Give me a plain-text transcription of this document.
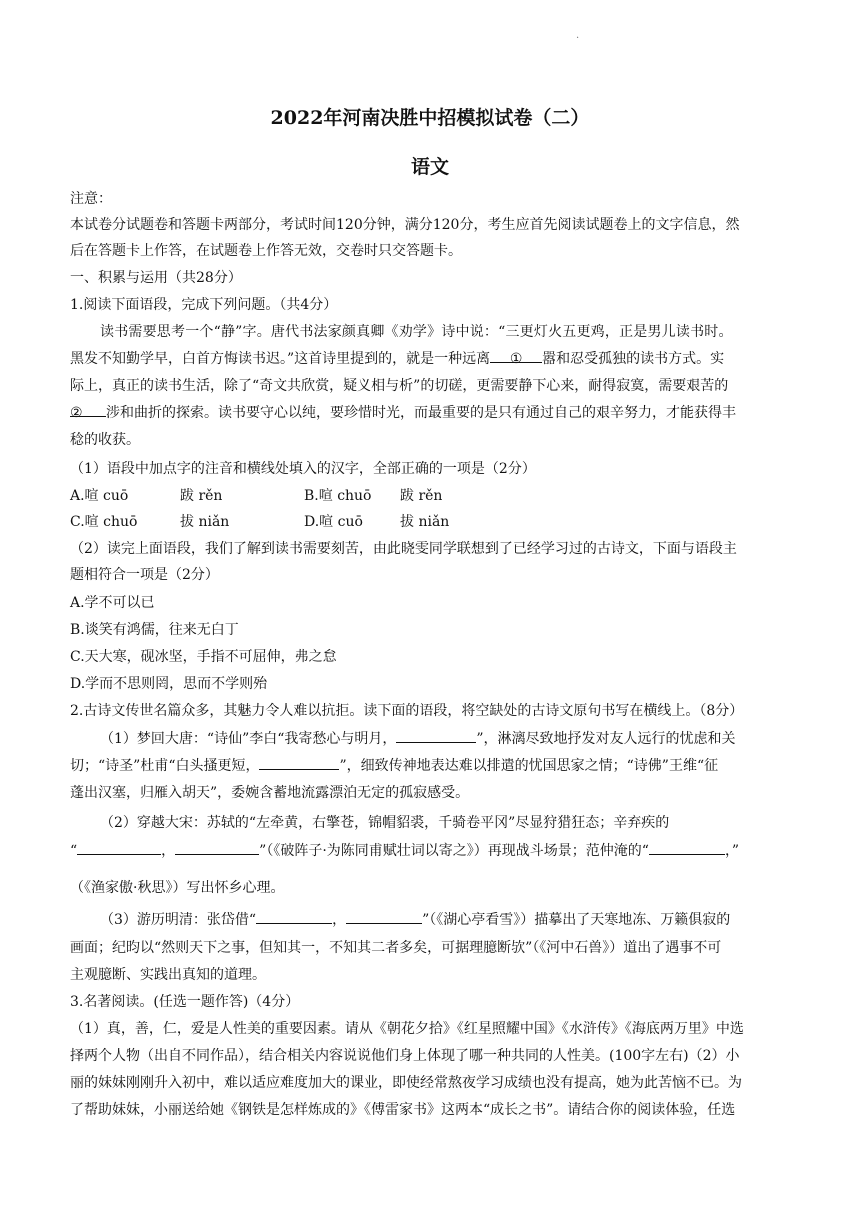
.
2022年河南决胜中招模拟试卷（二）
语文
注意：
本试卷分试题卷和答题卡两部分，考试时间120分钟，满分120分，考生应首先阅读试题卷上的文字信息，然
后在答题卡上作答，在试题卷上作答无效，交卷时只交答题卡。
一、积累与运用（共28分）
1.阅读下面语段，完成下列问题。（共4分）
读书需要思考一个“静”字。唐代书法家颜真卿《劝学》诗中说：“三更灯火五更鸡，正是男儿读书时。
黑发不知勤学早，白首方悔读书迟。”这首诗里提到的，就是一种远离 ① 嚣和忍受孤独的读书方式。实
际上，真正的读书生活，除了“奇文共欣赏，疑义相与析”的切磋，更需要静下心来，耐得寂寞，需要艰苦的
② 涉和曲折的探索。读书要守心以纯，要珍惜时光，而最重要的是只有通过自己的艰辛努力，才能获得丰
稔的收获。
（1）语段中加点字的注音和横线处填入的汉字，全部正确的一项是（2分）
A.喧 cuō	跋 rěn	B.喧 chuō 跋 rěn
C.喧 chuō	拔 niǎn	D.喧 cuō	拔 niǎn
（2）读完上面语段，我们了解到读书需要刻苦，由此晓雯同学联想到了已经学习过的古诗文，下面与语段主
题相符合一项是（2分）
A.学不可以已
B.谈笑有鸿儒，往来无白丁
C.天大寒，砚冰坚，手指不可屈伸，弗之怠
D.学而不思则罔，思而不学则殆
2.古诗文传世名篇众多，其魅力令人难以抗拒。读下面的语段，将空缺处的古诗文原句书写在横线上。（8分）
（1）梦回大唐：“诗仙”李白“我寄愁心与明月，	”，淋漓尽致地抒发对友人远行的忧虑和关
切；“诗圣”杜甫“白头搔更短，	”，细致传神地表达难以排遣的忧国思家之情；“诗佛”王维“征
蓬出汉塞，归雁入胡天”，委婉含蓄地流露漂泊无定的孤寂感受。
（2）穿越大宋：苏轼的“左牵黄，右擎苍，锦帽貂裘，千骑卷平冈”尽显狩猎狂态；辛弃疾的
“	，	”（《破阵子·为陈同甫赋壮词以寄之》）再现战斗场景；范仲淹的“	，”
（《渔家傲·秋思》）写出怀乡心理。
（3）游历明清：张岱借“	，	”（《湖心亭看雪》）描摹出了天寒地冻、万籁俱寂的
画面；纪昀以“然则天下之事，但知其一，不知其二者多矣，可据理臆断欤”（《河中石兽》）道出了遇事不可
主观臆断、实践出真知的道理。
3.名著阅读。(任选一题作答)（4分）
（1）真，善，仁，爱是人性美的重要因素。请从《朝花夕拾》《红星照耀中国》《水浒传》《海底两万里》中选
择两个人物（出自不同作品），结合相关内容说说他们身上体现了哪一种共同的人性美。(100字左右)（2）小
丽的妹妹刚刚升入初中，难以适应难度加大的课业，即使经常熬夜学习成绩也没有提高，她为此苦恼不已。为
了帮助妹妹，小丽送给她《钢铁是怎样炼成的》《傅雷家书》这两本“成长之书”。请结合你的阅读体验，任选
